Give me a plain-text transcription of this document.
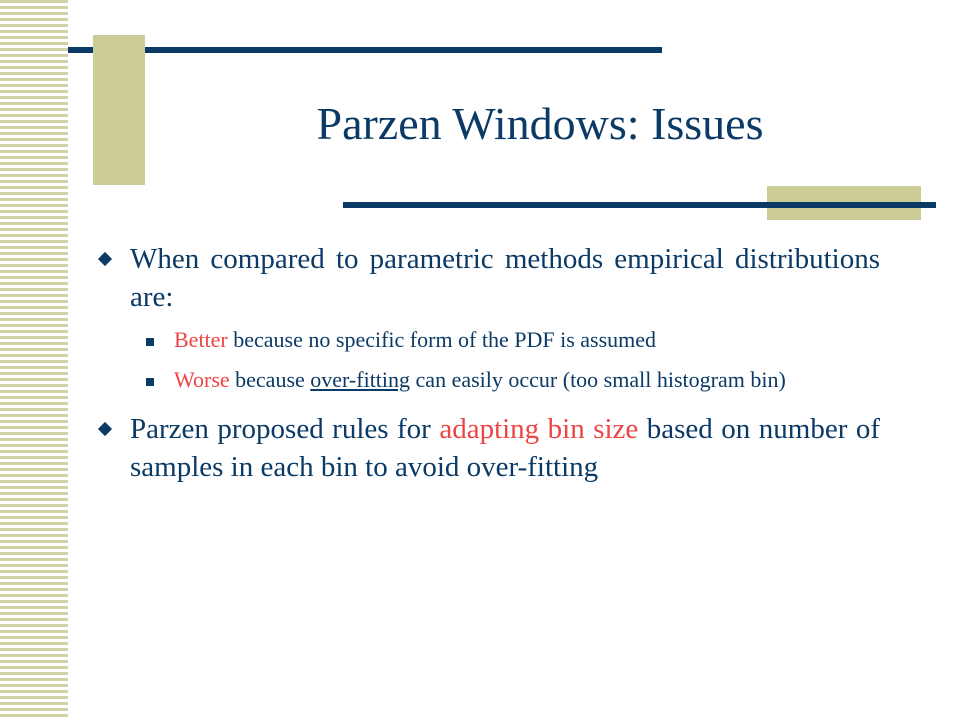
Parzen Windows: Issues
When compared to parametric methods empirical distributions are:
Better because no specific form of the PDF is assumed
Worse because over-fitting can easily occur (too small histogram bin)
Parzen proposed rules for adapting bin size based on number of samples in each bin to avoid over-fitting
